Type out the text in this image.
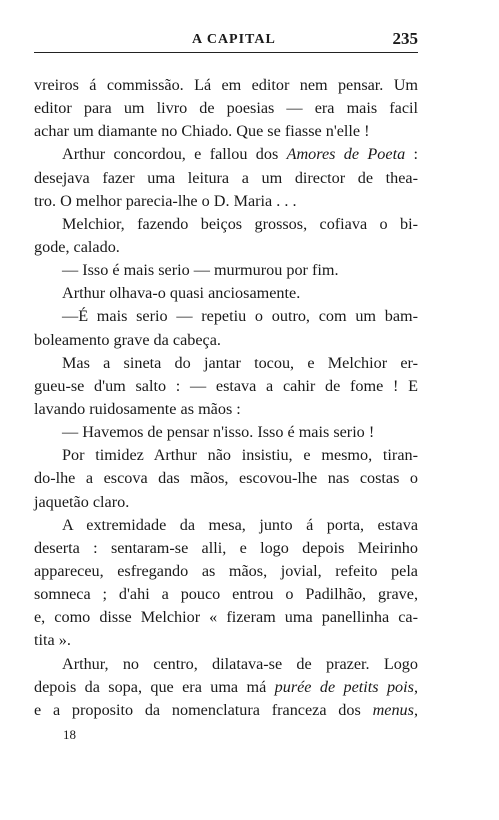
A CAPITAL	235
vreiros á commissão. Lá em editor nem pensar. Um
editor para um livro de poesias — era mais facil
achar um diamante no Chiado. Que se fiasse n'elle !
Arthur concordou, e fallou dos Amores de Poeta :
desejava fazer uma leitura a um director de thea-
tro. O melhor parecia-lhe o D. Maria . . .
Melchior, fazendo beiços grossos, cofiava o bi-
gode, calado.
— Isso é mais serio — murmurou por fim.
Arthur olhava-o quasi anciosamente.
—É mais serio — repetiu o outro, com um bam-
boleamento grave da cabeça.
Mas a sineta do jantar tocou, e Melchior er-
gueu-se d'um salto : — estava a cahir de fome ! E
lavando ruidosamente as mãos :
— Havemos de pensar n'isso. Isso é mais serio !
Por timidez Arthur não insistiu, e mesmo, tiran-
do-lhe a escova das mãos, escovou-lhe nas costas o
jaquetão claro.
A extremidade da mesa, junto á porta, estava
deserta : sentaram-se alli, e logo depois Meirinho
appareceu, esfregando as mãos, jovial, refeito pela
somneca ; d'ahi a pouco entrou o Padilhão, grave,
e, como disse Melchior « fizeram uma panellinha ca-
tita ».
Arthur, no centro, dilatava-se de prazer. Logo
depois da sopa, que era uma má purée de petits pois,
e a proposito da nomenclatura franceza dos menus,
18
